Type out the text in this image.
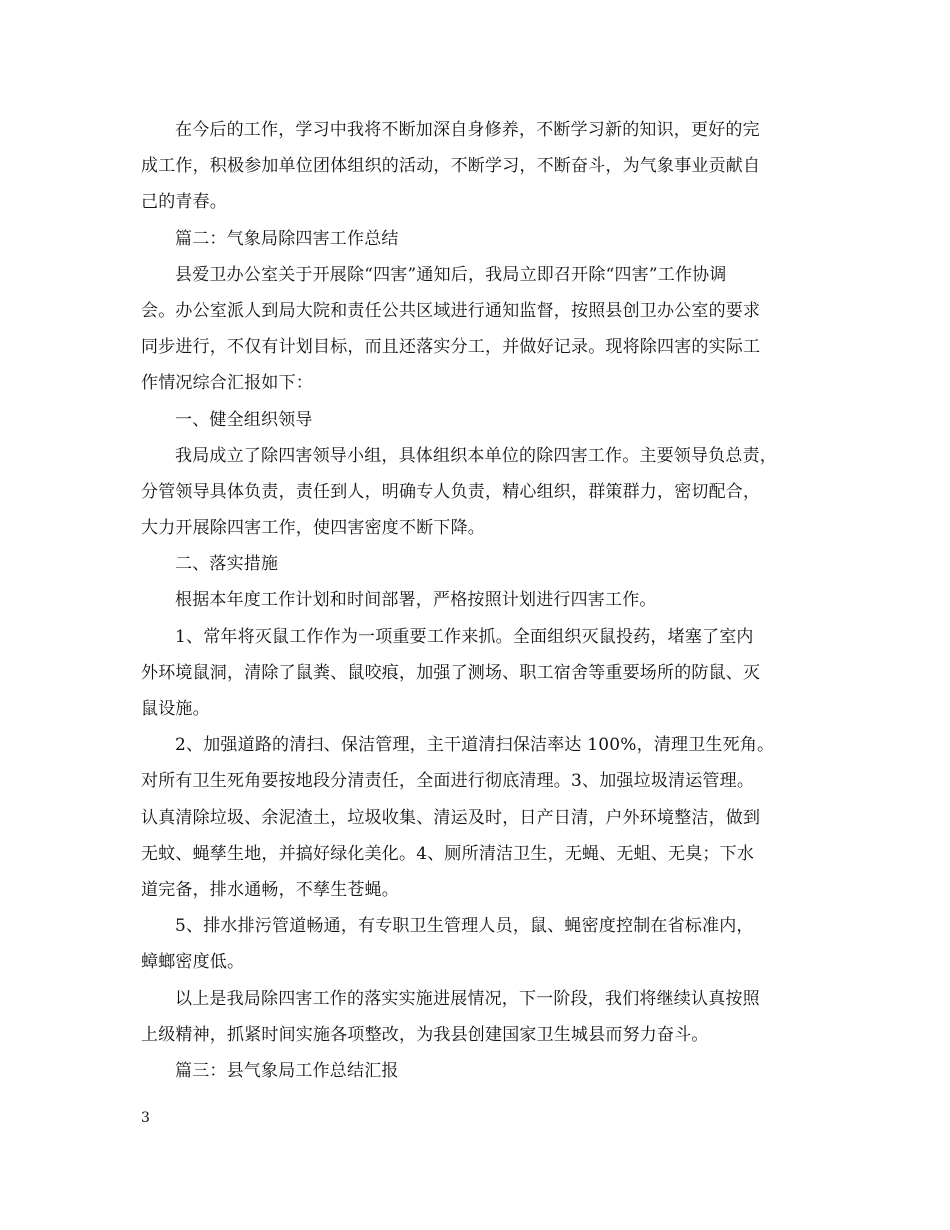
在今后的工作，学习中我将不断加深自身修养，不断学习新的知识，更好的完
成工作，积极参加单位团体组织的活动，不断学习，不断奋斗，为气象事业贡献自
己的青春。
篇二：气象局除四害工作总结
县爱卫办公室关于开展除“四害”通知后，我局立即召开除“四害”工作协调
会。办公室派人到局大院和责任公共区域进行通知监督，按照县创卫办公室的要求
同步进行，不仅有计划目标，而且还落实分工，并做好记录。现将除四害的实际工
作情况综合汇报如下：
一、健全组织领导
我局成立了除四害领导小组，具体组织本单位的除四害工作。主要领导负总责，
分管领导具体负责，责任到人，明确专人负责，精心组织，群策群力，密切配合，
大力开展除四害工作，使四害密度不断下降。
二、落实措施
根据本年度工作计划和时间部署，严格按照计划进行四害工作。
1、常年将灭鼠工作作为一项重要工作来抓。全面组织灭鼠投药，堵塞了室内
外环境鼠洞，清除了鼠粪、鼠咬痕，加强了测场、职工宿舍等重要场所的防鼠、灭
鼠设施。
2、加强道路的清扫、保洁管理，主干道清扫保洁率达 100%，清理卫生死角。
对所有卫生死角要按地段分清责任，全面进行彻底清理。3、加强垃圾清运管理。
认真清除垃圾、余泥渣土，垃圾收集、清运及时，日产日清，户外环境整洁，做到
无蚊、蝇孳生地，并搞好绿化美化。4、厕所清洁卫生，无蝇、无蛆、无臭；下水
道完备，排水通畅，不孳生苍蝇。
5、排水排污管道畅通，有专职卫生管理人员，鼠、蝇密度控制在省标准内，
蟑螂密度低。
以上是我局除四害工作的落实实施进展情况，下一阶段，我们将继续认真按照
上级精神，抓紧时间实施各项整改，为我县创建国家卫生城县而努力奋斗。
篇三：县气象局工作总结汇报
3
